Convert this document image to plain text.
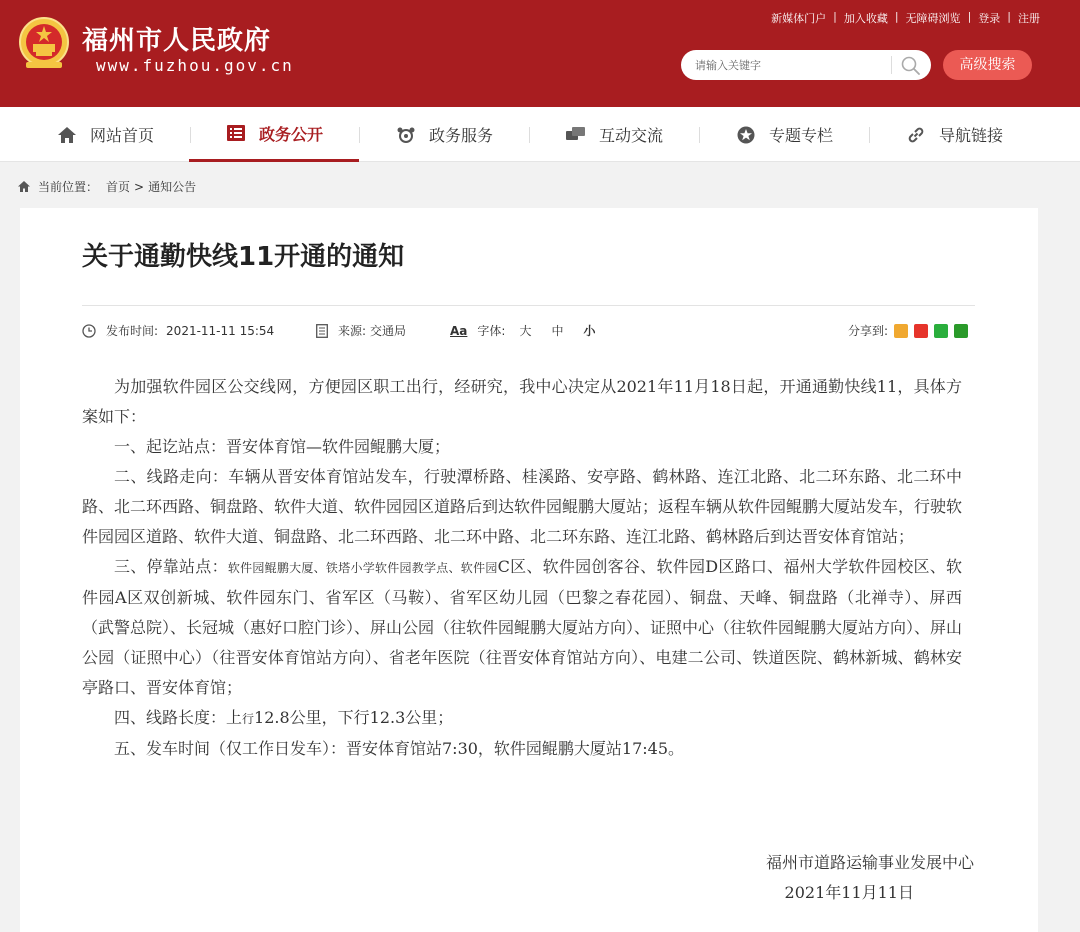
福州市人民政府
www.fuzhou.gov.cn
新媒体门户 | 加入收藏 | 无障碍浏览 | 登录 | 注册
请输入关键字
高级搜索
网站首页	政务公开	政务服务	互动交流	专题专栏	导航链接
当前位置： 首页 > 通知公告
关于通勤快线11开通的通知
发布时间: 2021-11-11 15:54	来源: 交通局	Aa 字体: 大 中 小	分享到:

为加强软件园区公交线网，方便园区职工出行，经研究，我中心决定从2021年11月18日起，开通通勤快线11，具体方案如下：

一、起讫站点：晋安体育馆—软件园鲲鹏大厦；

二、线路走向：车辆从晋安体育馆站发车，行驶潭桥路、桂溪路、安亭路、鹤林路、连江北路、北二环东路、北二环中路、北二环西路、铜盘路、软件大道、软件园园区道路后到达软件园鲲鹏大厦站；返程车辆从软件园鲲鹏大厦站发车，行驶软件园园区道路、软件大道、铜盘路、北二环西路、北二环中路、北二环东路、连江北路、鹤林路后到达晋安体育馆站；

三、停靠站点：软件园鲲鹏大厦、铁塔小学软件园教学点、软件园C区、软件园创客谷、软件园D区路口、福州大学软件园校区、软件园A区双创新城、软件园东门、省军区（马鞍）、省军区幼儿园（巴黎之春花园）、铜盘、天峰、铜盘路（北禅寺）、屏西（武警总院）、长冠城（惠好口腔门诊）、屏山公园（往软件园鲲鹏大厦站方向）、证照中心（往软件园鲲鹏大厦站方向）、屏山公园（证照中心）（往晋安体育馆站方向）、省老年医院（往晋安体育馆站方向）、电建二公司、铁道医院、鹤林新城、鹤林安亭路口、晋安体育馆；

四、线路长度：上行12.8公里，下行12.3公里；

五、发车时间（仅工作日发车）：晋安体育馆站7:30，软件园鲲鹏大厦站17:45。

福州市道路运输事业发展中心
2021年11月11日
